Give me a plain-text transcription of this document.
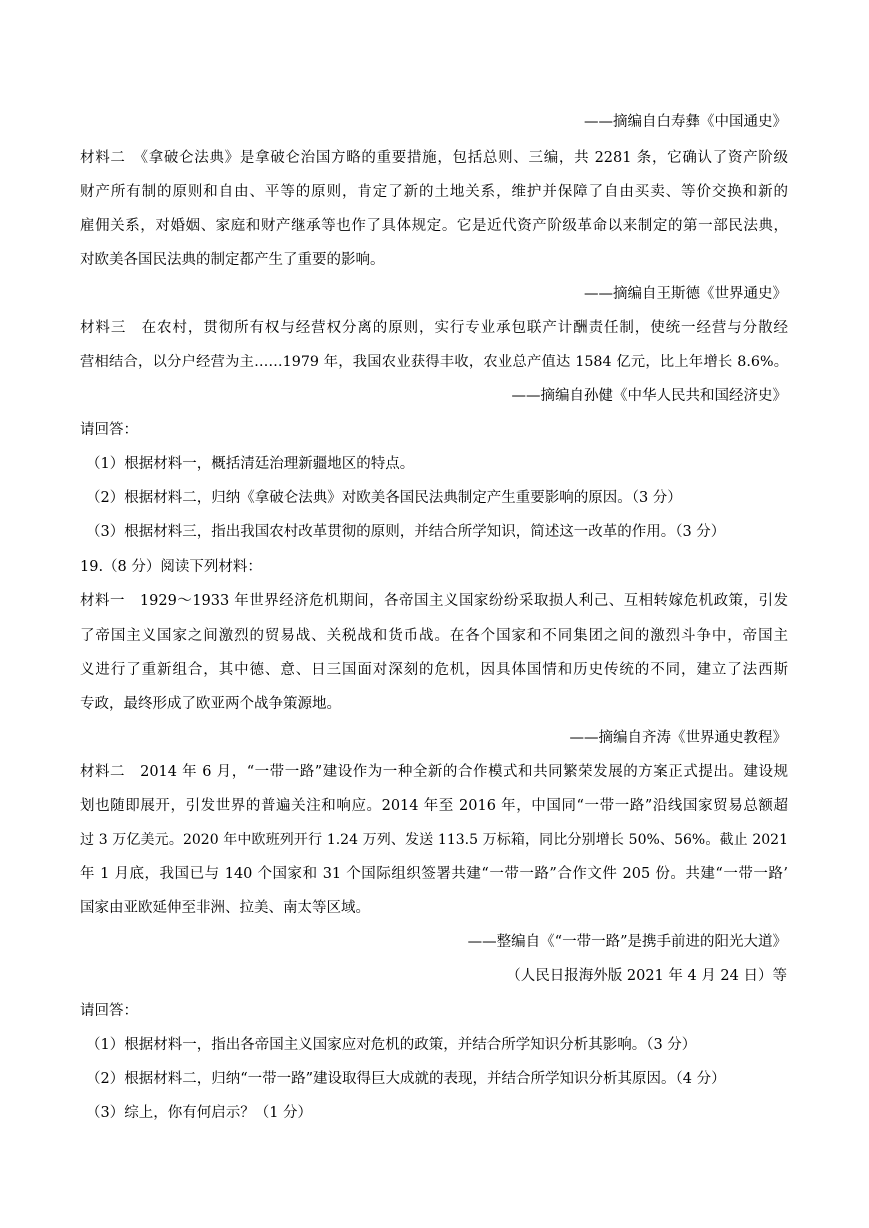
——摘编自白寿彝《中国通史》
材料二　《拿破仑法典》是拿破仑治国方略的重要措施，包括总则、三编，共 2281 条，它确认了资产阶级
财产所有制的原则和自由、平等的原则，肯定了新的土地关系，维护并保障了自由买卖、等价交换和新的
雇佣关系，对婚姻、家庭和财产继承等也作了具体规定。它是近代资产阶级革命以来制定的第一部民法典，
对欧美各国民法典的制定都产生了重要的影响。
——摘编自王斯德《世界通史》
材料三　在农村，贯彻所有权与经营权分离的原则，实行专业承包联产计酬责任制，使统一经营与分散经
营相结合，以分户经营为主……1979 年，我国农业获得丰收，农业总产值达 1584 亿元，比上年增长 8.6%。
——摘编自孙健《中华人民共和国经济史》
请回答：
（1）根据材料一，概括清廷治理新疆地区的特点。
（2）根据材料二，归纳《拿破仑法典》对欧美各国民法典制定产生重要影响的原因。（3 分）
（3）根据材料三，指出我国农村改革贯彻的原则，并结合所学知识，简述这一改革的作用。（3 分）
19.（8 分）阅读下列材料：
材料一　1929～1933 年世界经济危机期间，各帝国主义国家纷纷采取损人利己、互相转嫁危机政策，引发
了帝国主义国家之间激烈的贸易战、关税战和货币战。在各个国家和不同集团之间的激烈斗争中，帝国主
义进行了重新组合，其中德、意、日三国面对深刻的危机，因具体国情和历史传统的不同，建立了法西斯
专政，最终形成了欧亚两个战争策源地。
——摘编自齐涛《世界通史教程》
材料二　2014 年 6 月，“一带一路”建设作为一种全新的合作模式和共同繁荣发展的方案正式提出。建设规
划也随即展开，引发世界的普遍关注和响应。2014 年至 2016 年，中国同“一带一路”沿线国家贸易总额超
过 3 万亿美元。2020 年中欧班列开行 1.24 万列、发送 113.5 万标箱，同比分别增长 50%、56%。截止 2021
年 1 月底，我国已与 140 个国家和 31 个国际组织签署共建“一带一路”合作文件 205 份。共建“一带一路’
国家由亚欧延伸至非洲、拉美、南太等区域。
——整编自《“一带一路”是携手前进的阳光大道》
（人民日报海外版 2021 年 4 月 24 日）等
请回答：
（1）根据材料一，指出各帝国主义国家应对危机的政策，并结合所学知识分析其影响。（3 分）
（2）根据材料二，归纳“一带一路”建设取得巨大成就的表现，并结合所学知识分析其原因。（4 分）
（3）综上，你有何启示？（1 分）
